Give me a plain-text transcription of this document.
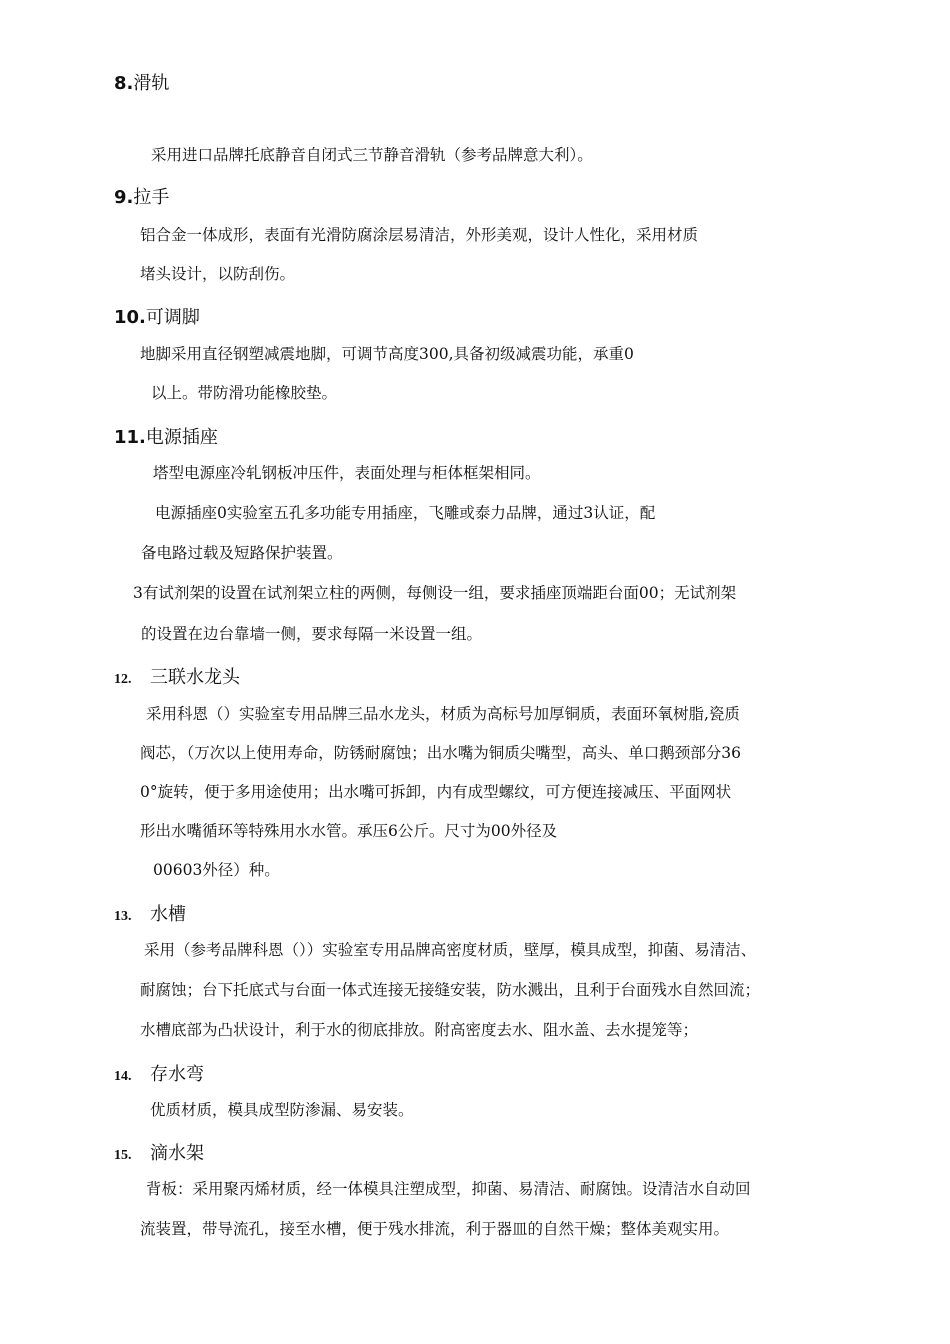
8.滑轨
采用进口品牌托底静音自闭式三节静音滑轨（参考品牌意大利）。
9.拉手
铝合金一体成形，表面有光滑防腐涂层易清洁，外形美观，设计人性化，采用材质
堵头设计，以防刮伤。
10.可调脚
地脚采用直径钢塑减震地脚，可调节高度300,具备初级减震功能，承重0
以上。带防滑功能橡胶垫。
11.电源插座
塔型电源座冷轧钢板冲压件，表面处理与柜体框架相同。
电源插座0实验室五孔多功能专用插座，飞雕或泰力品牌，通过3认证，配
备电路过载及短路保护装置。
3有试剂架的设置在试剂架立柱的两侧，每侧设一组，要求插座顶端距台面00；无试剂架
的设置在边台靠墙一侧，要求每隔一米设置一组。
12. 三联水龙头
采用科恩（）实验室专用品牌三品水龙头，材质为高标号加厚铜质，表面环氧树脂,瓷质
阀芯，（万次以上使用寿命，防锈耐腐蚀；出水嘴为铜质尖嘴型，高头、单口鹅颈部分36
0°旋转，便于多用途使用；出水嘴可拆卸，内有成型螺纹，可方便连接减压、平面网状
形出水嘴循环等特殊用水水管。承压6公斤。尺寸为00外径及
00603外径）种。
13. 水槽
采用（参考品牌科恩（））实验室专用品牌高密度材质，壁厚，模具成型，抑菌、易清洁、
耐腐蚀；台下托底式与台面一体式连接无接缝安装，防水溅出，且利于台面残水自然回流；
水槽底部为凸状设计，利于水的彻底排放。附高密度去水、阻水盖、去水提笼等；
14. 存水弯
优质材质，模具成型防渗漏、易安装。
15. 滴水架
背板：采用聚丙烯材质，经一体模具注塑成型，抑菌、易清洁、耐腐蚀。设清洁水自动回
流装置，带导流孔，接至水槽，便于残水排流，利于器皿的自然干燥；整体美观实用。
